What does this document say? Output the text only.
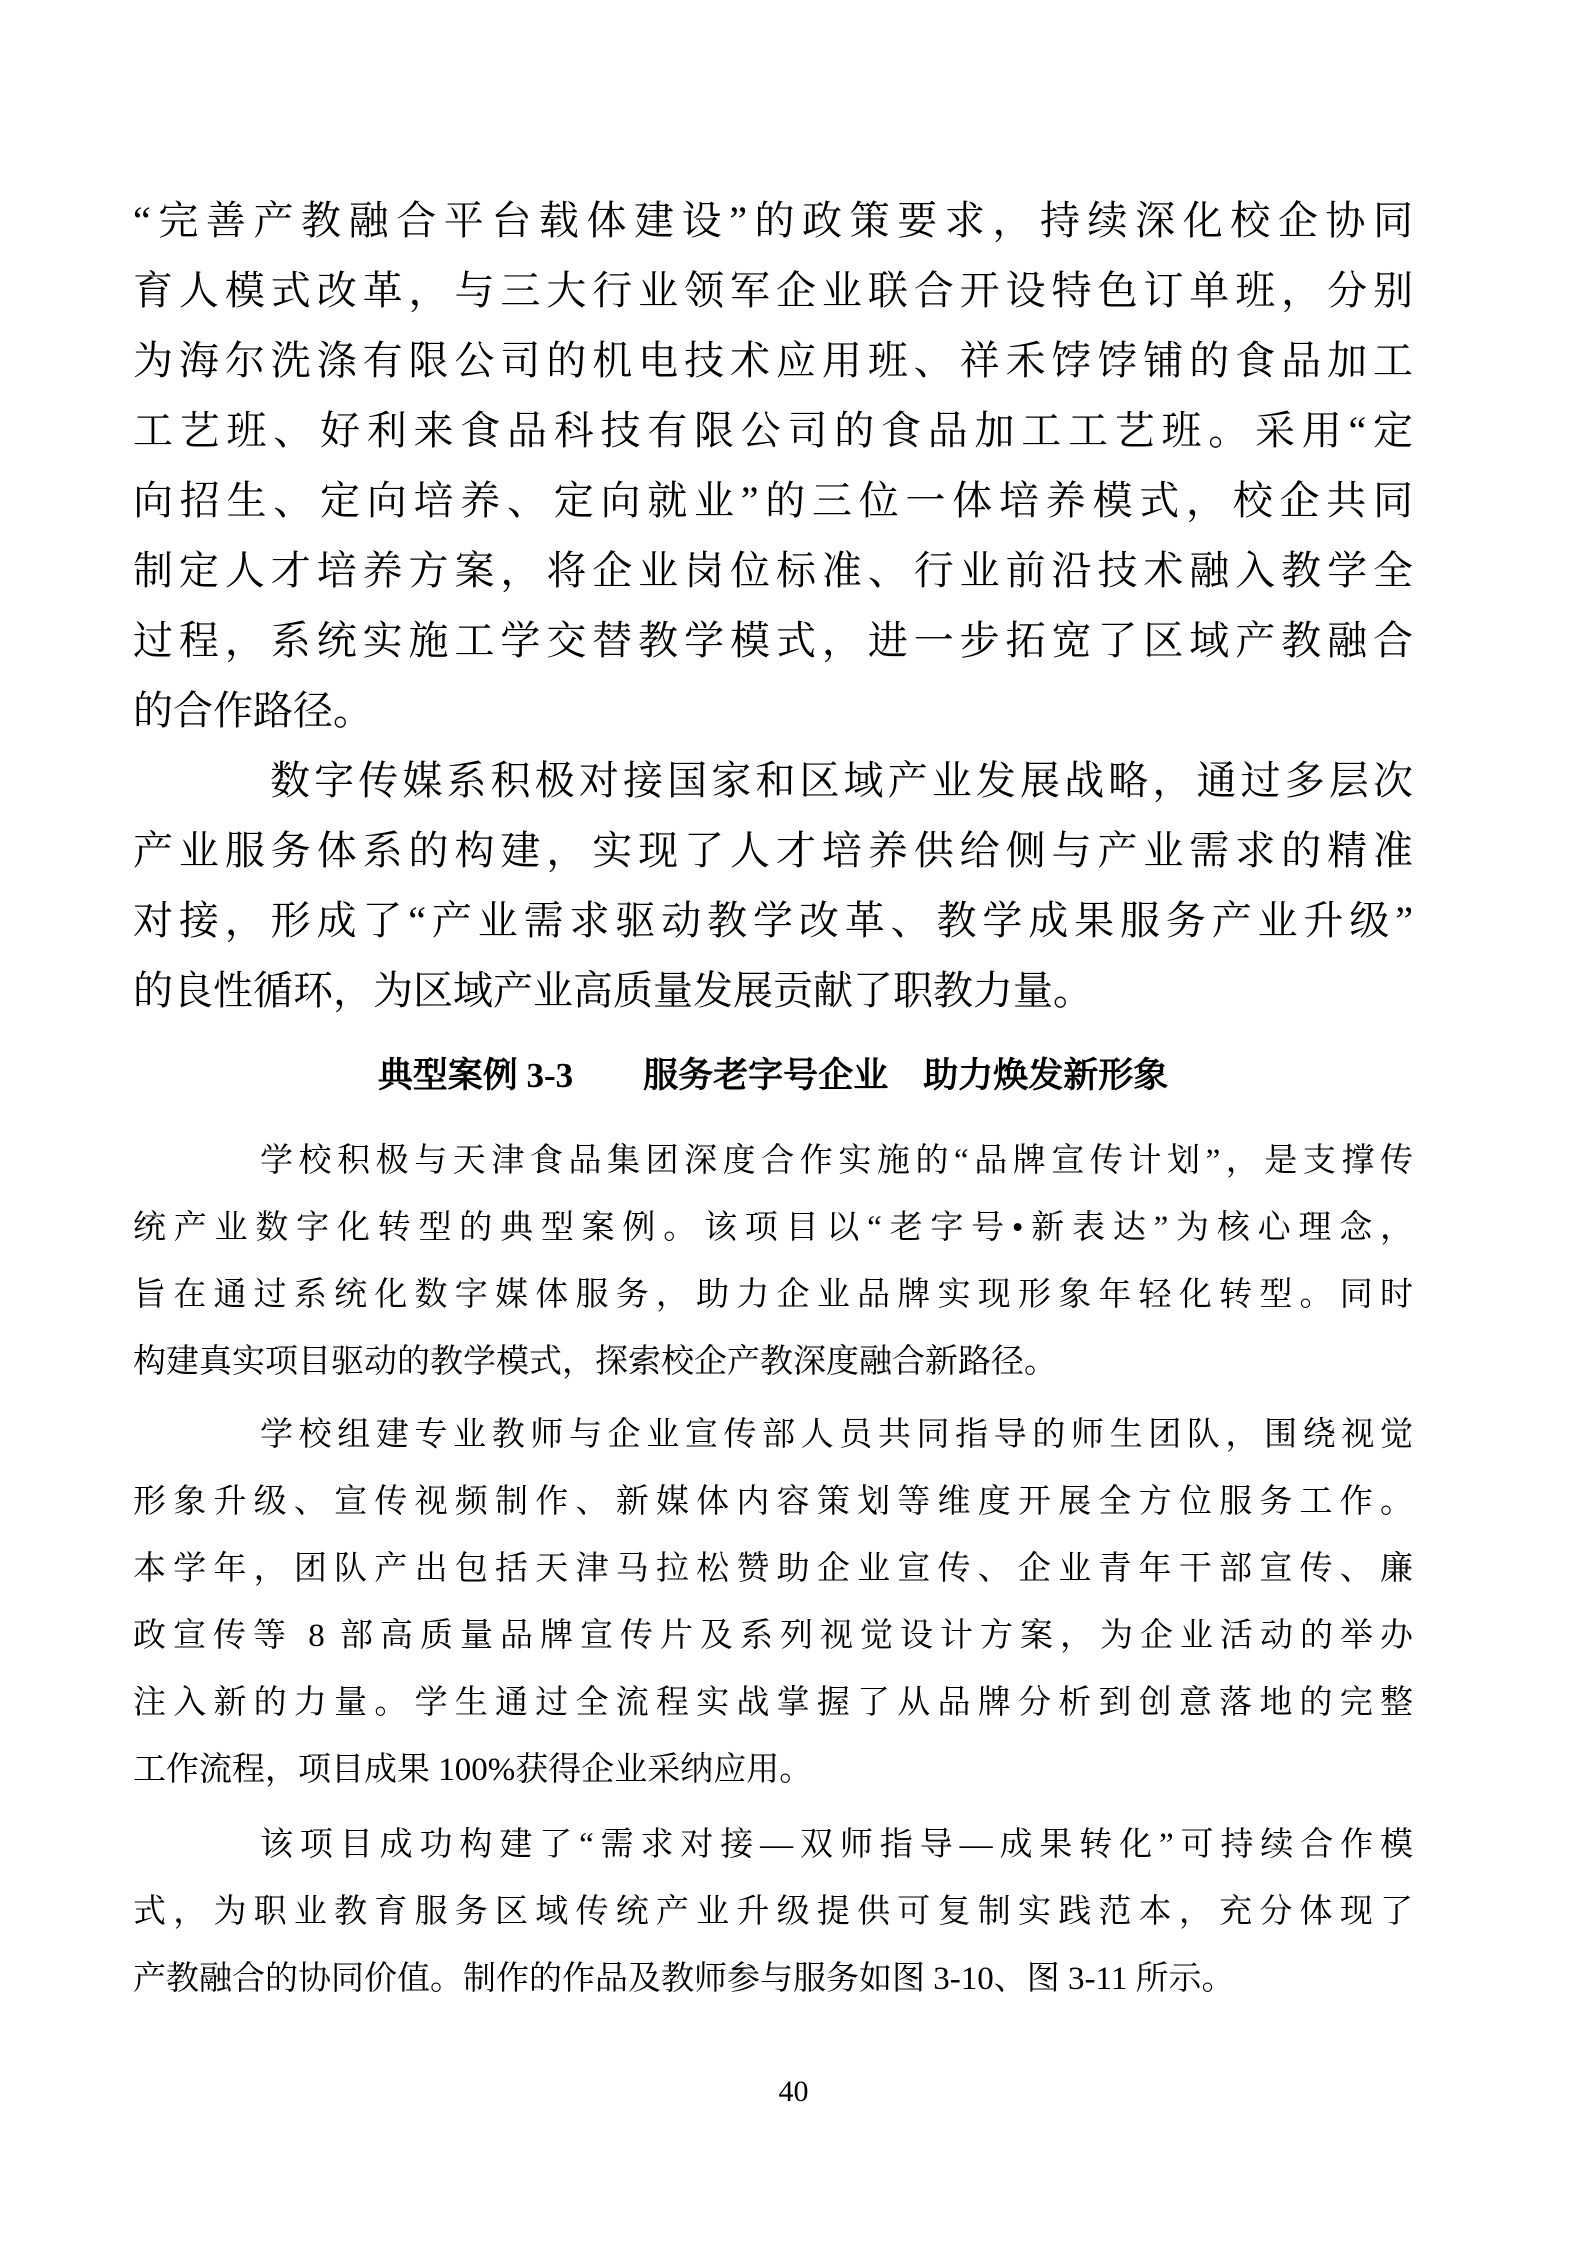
“完善产教融合平台载体建设”的政策要求，持续深化校企协同
育人模式改革，与三大行业领军企业联合开设特色订单班，分别
为海尔洗涤有限公司的机电技术应用班、祥禾饽饽铺的食品加工
工艺班、好利来食品科技有限公司的食品加工工艺班。采用“定
向招生、定向培养、定向就业”的三位一体培养模式，校企共同
制定人才培养方案，将企业岗位标准、行业前沿技术融入教学全
过程，系统实施工学交替教学模式，进一步拓宽了区域产教融合
的合作路径。
数字传媒系积极对接国家和区域产业发展战略，通过多层次
产业服务体系的构建，实现了人才培养供给侧与产业需求的精准
对接，形成了“产业需求驱动教学改革、教学成果服务产业升级”
的良性循环，为区域产业高质量发展贡献了职教力量。
典型案例 3-3　　服务老字号企业　助力焕发新形象
学校积极与天津食品集团深度合作实施的“品牌宣传计划”，是支撑传
统产业数字化转型的典型案例。该项目以“老字号•新表达”为核心理念，
旨在通过系统化数字媒体服务，助力企业品牌实现形象年轻化转型。同时
构建真实项目驱动的教学模式，探索校企产教深度融合新路径。
学校组建专业教师与企业宣传部人员共同指导的师生团队，围绕视觉
形象升级、宣传视频制作、新媒体内容策划等维度开展全方位服务工作。
本学年，团队产出包括天津马拉松赞助企业宣传、企业青年干部宣传、廉
政宣传等 8 部高质量品牌宣传片及系列视觉设计方案，为企业活动的举办
注入新的力量。学生通过全流程实战掌握了从品牌分析到创意落地的完整
工作流程，项目成果 100%获得企业采纳应用。
该项目成功构建了“需求对接—双师指导—成果转化”可持续合作模
式，为职业教育服务区域传统产业升级提供可复制实践范本，充分体现了
产教融合的协同价值。制作的作品及教师参与服务如图 3-10、图 3-11 所示。
40
